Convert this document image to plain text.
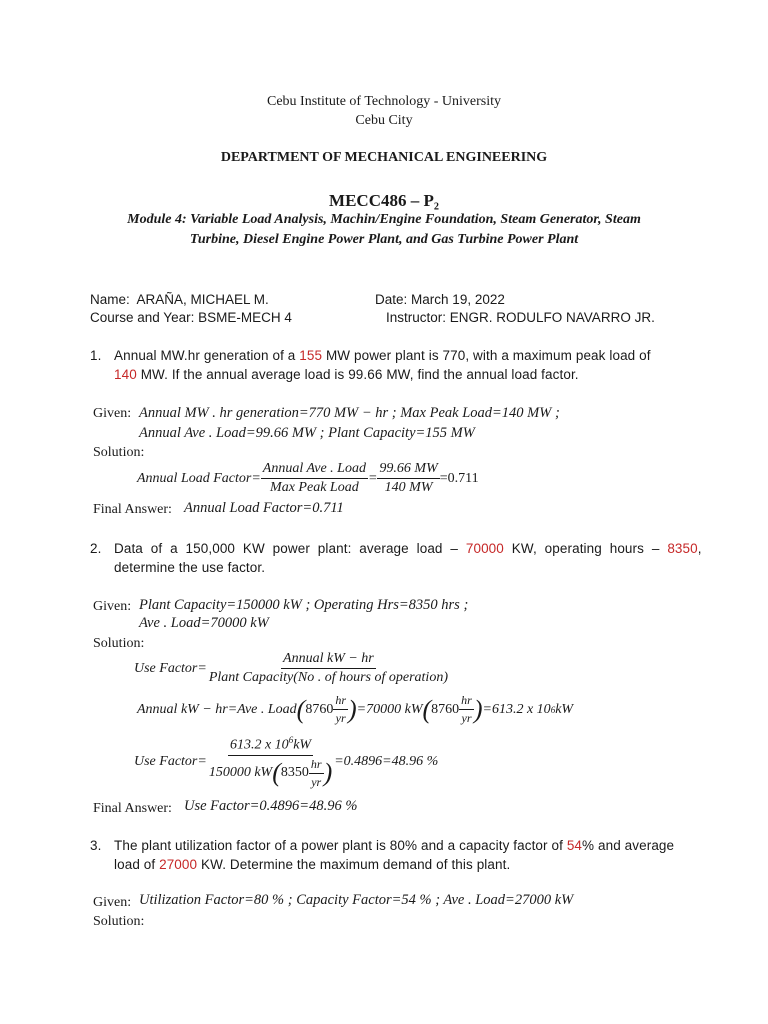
Cebu Institute of Technology - University
Cebu City
DEPARTMENT OF MECHANICAL ENGINEERING
MECC486 – P₂
Module 4: Variable Load Analysis, Machin/Engine Foundation, Steam Generator, Steam
Turbine, Diesel Engine Power Plant, and Gas Turbine Power Plant
Name: ARAÑA, MICHAEL M.	Date: March 19, 2022
Course and Year: BSME-MECH 4	Instructor: ENGR. RODULFO NAVARRO JR.
1. Annual MW.hr generation of a 155 MW power plant is 770, with a maximum peak load of
140 MW. If the annual average load is 99.66 MW, find the annual load factor.
Given: Annual MW . hr generation=770 MW − hr ; Max Peak Load=140 MW ;
Annual Ave . Load=99.66 MW ; Plant Capacity=155 MW
Solution:
Annual Load Factor= $\frac{\text{Annual Ave . Load}}{\text{Max Peak Load}} = \frac{99.66 MW}{140 MW} =0.711$
Final Answer: Annual Load Factor=0.711
2. Data of a 150,000 KW power plant: average load – 70000 KW, operating hours – 8350,
determine the use factor.
Given: Plant Capacity=150000 kW ; Operating Hrs=8350 hrs ;
Ave . Load=70000 kW
Solution:
Use Factor= $\frac{\text{Annual kW − hr}}{\text{Plant Capacity(No . of hours of operation)}}$
Annual kW − hr=Ave . Load ( $8760 \frac{hr}{yr}$ ) =70000 kW ( $8760 \frac{hr}{yr}$ ) =613.2 x 10 6 kW
Use Factor= $\frac{613.2 x 10^6kW}{150000 kW ( 8350 \frac{hr}{yr} )} =0.4896=48.96$ %
Final Answer: Use Factor=0.4896=48.96 %
3. The plant utilization factor of a power plant is 80% and a capacity factor of 54% and average
load of 27000 KW. Determine the maximum demand of this plant.
Given: Utilization Factor=80 % ; Capacity Factor=54 % ; Ave . Load=27000 kW
Solution:
